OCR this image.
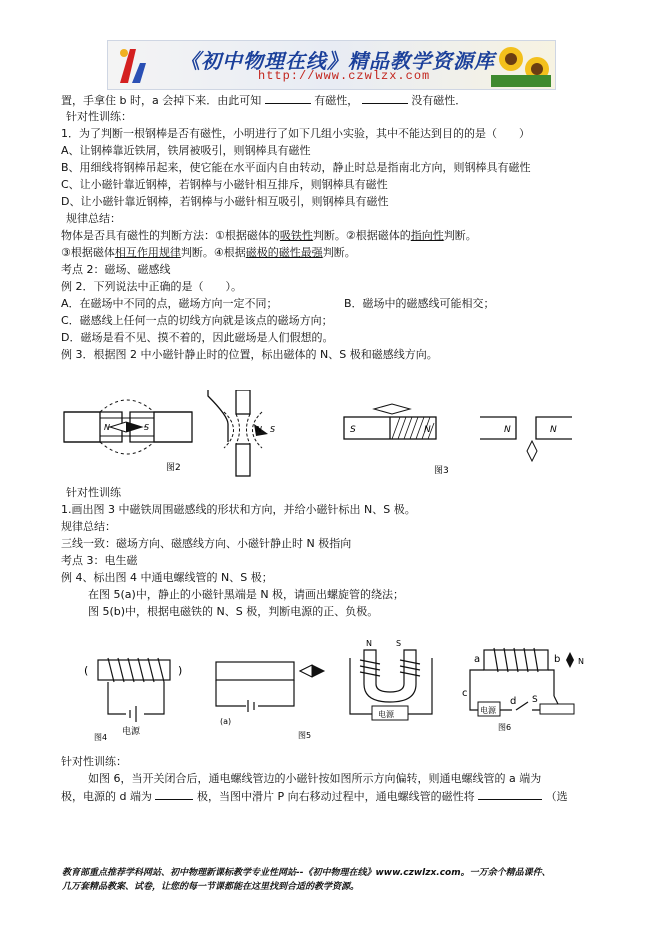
《初中物理在线》精品教学资源库
http://www.czwlzx.com
置，手拿住 b 时，a 会掉下来．由此可知	有磁性，	没有磁性．
针对性训练：
1．为了判断一根钢棒是否有磁性，小明进行了如下几组小实验，其中不能达到目的的是（　　）
A、让钢棒靠近铁屑，铁屑被吸引，则钢棒具有磁性
B、用细线将钢棒吊起来，使它能在水平面内自由转动，静止时总是指南北方向，则钢棒具有磁性
C、让小磁针靠近钢棒，若钢棒与小磁针相互排斥，则钢棒具有磁性
D、让小磁针靠近钢棒，若钢棒与小磁针相互吸引，则钢棒具有磁性
规律总结：
物体是否具有磁性的判断方法：①根据磁体的吸铁性判断。②根据磁体的指向性判断。
③根据磁体相互作用规律判断。④根据磁极的磁性最强判断。
考点 2：磁场、磁感线
例 2．下列说法中正确的是（　　）。
A．在磁场中不同的点，磁场方向一定不同；	B．磁场中的磁感线可能相交；
C．磁感线上任何一点的切线方向就是该点的磁场方向；
D．磁场是看不见、摸不着的，因此磁场是人们假想的。
例 3．根据图 2 中小磁针静止时的位置，标出磁体的 N、S 极和磁感线方向。
N	S	N S
图2
S	N	N	N
图3
针对性训练
1.画出图 3 中磁铁周围磁感线的形状和方向，并给小磁针标出 N、S 极。
规律总结：
三线一致：磁场方向、磁感线方向、小磁针静止时 N 极指向
考点 3：电生磁
例 4、标出图 4 中通电螺线管的 N、S 极；
在图 5(a)中，静止的小磁针黑端是 N 极，请画出螺旋管的绕法；
图 5(b)中，根据电磁铁的 N、S 极，判断电源的正、负极。
(	)
电源
图4
(a)
图5
N	S
电源
a	b N
c
电源
d S
图6
针对性训练：
如图 6，当开关闭合后，通电螺线管边的小磁针按如图所示方向偏转，则通电螺线管的 a 端为
极，电源的 d 端为	极，当图中滑片 P 向右移动过程中，通电螺线管的磁性将	（选
教育部重点推荐学科网站、初中物理新课标教学专业性网站--《初中物理在线》www.czwlzx.com。一万余个精品课件、
几万套精品教案、试卷，让您的每一节课都能在这里找到合适的教学资源。
